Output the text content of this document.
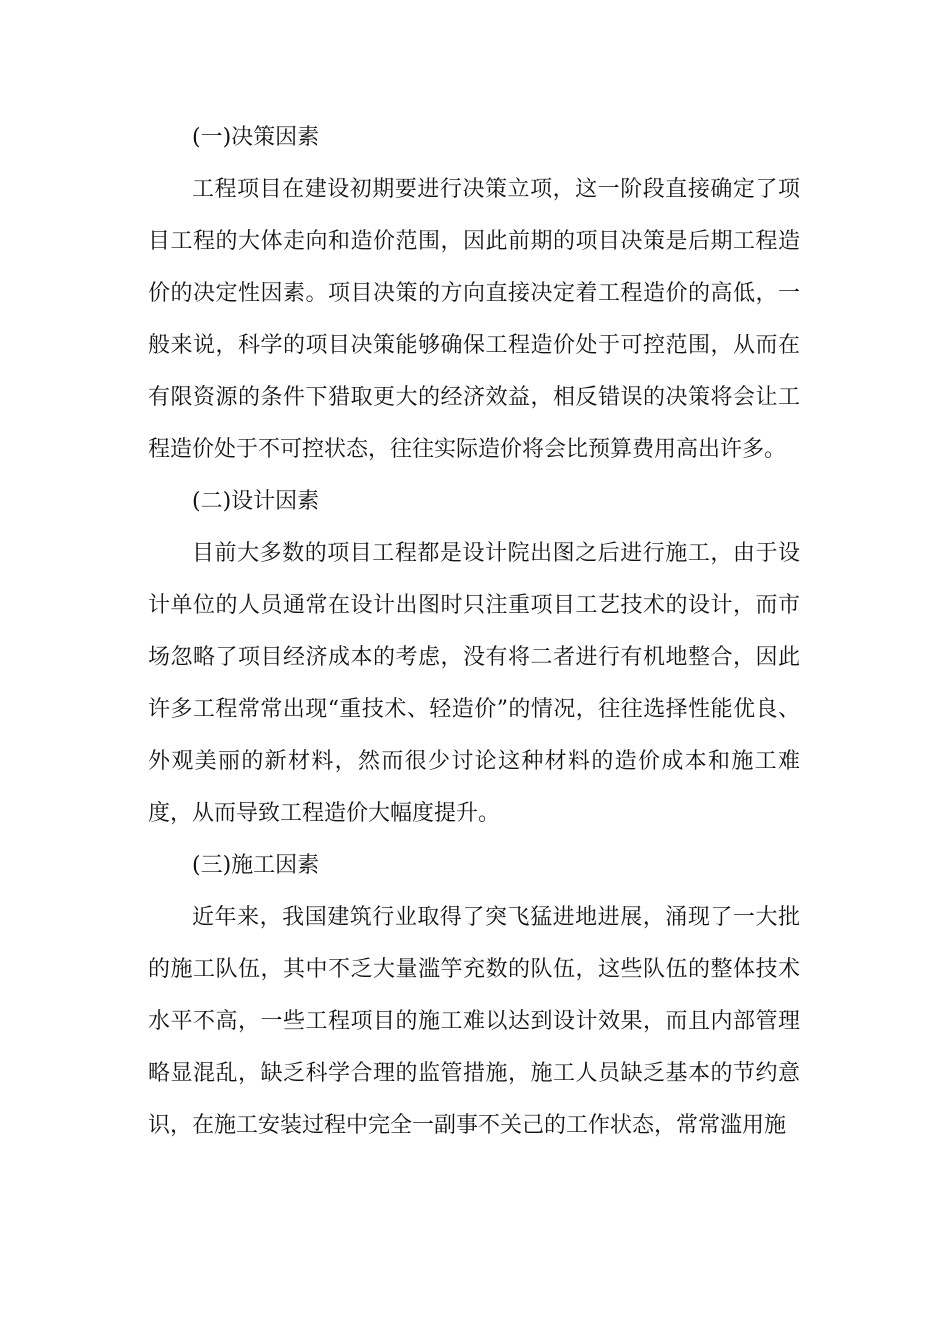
(一)决策因素

工程项目在建设初期要进行决策立项，这一阶段直接确定了项目工程的大体走向和造价范围，因此前期的项目决策是后期工程造价的决定性因素。项目决策的方向直接决定着工程造价的高低，一般来说，科学的项目决策能够确保工程造价处于可控范围，从而在有限资源的条件下猎取更大的经济效益，相反错误的决策将会让工程造价处于不可控状态，往往实际造价将会比预算费用高出许多。

(二)设计因素

目前大多数的项目工程都是设计院出图之后进行施工，由于设计单位的人员通常在设计出图时只注重项目工艺技术的设计，而市场忽略了项目经济成本的考虑，没有将二者进行有机地整合，因此许多工程常常出现“重技术、轻造价”的情况，往往选择性能优良、外观美丽的新材料，然而很少讨论这种材料的造价成本和施工难度，从而导致工程造价大幅度提升。

(三)施工因素

近年来，我国建筑行业取得了突飞猛进地进展，涌现了一大批的施工队伍，其中不乏大量滥竽充数的队伍，这些队伍的整体技术水平不高，一些工程项目的施工难以达到设计效果，而且内部管理略显混乱，缺乏科学合理的监管措施，施工人员缺乏基本的节约意识，在施工安装过程中完全一副事不关己的工作状态，常常滥用施
